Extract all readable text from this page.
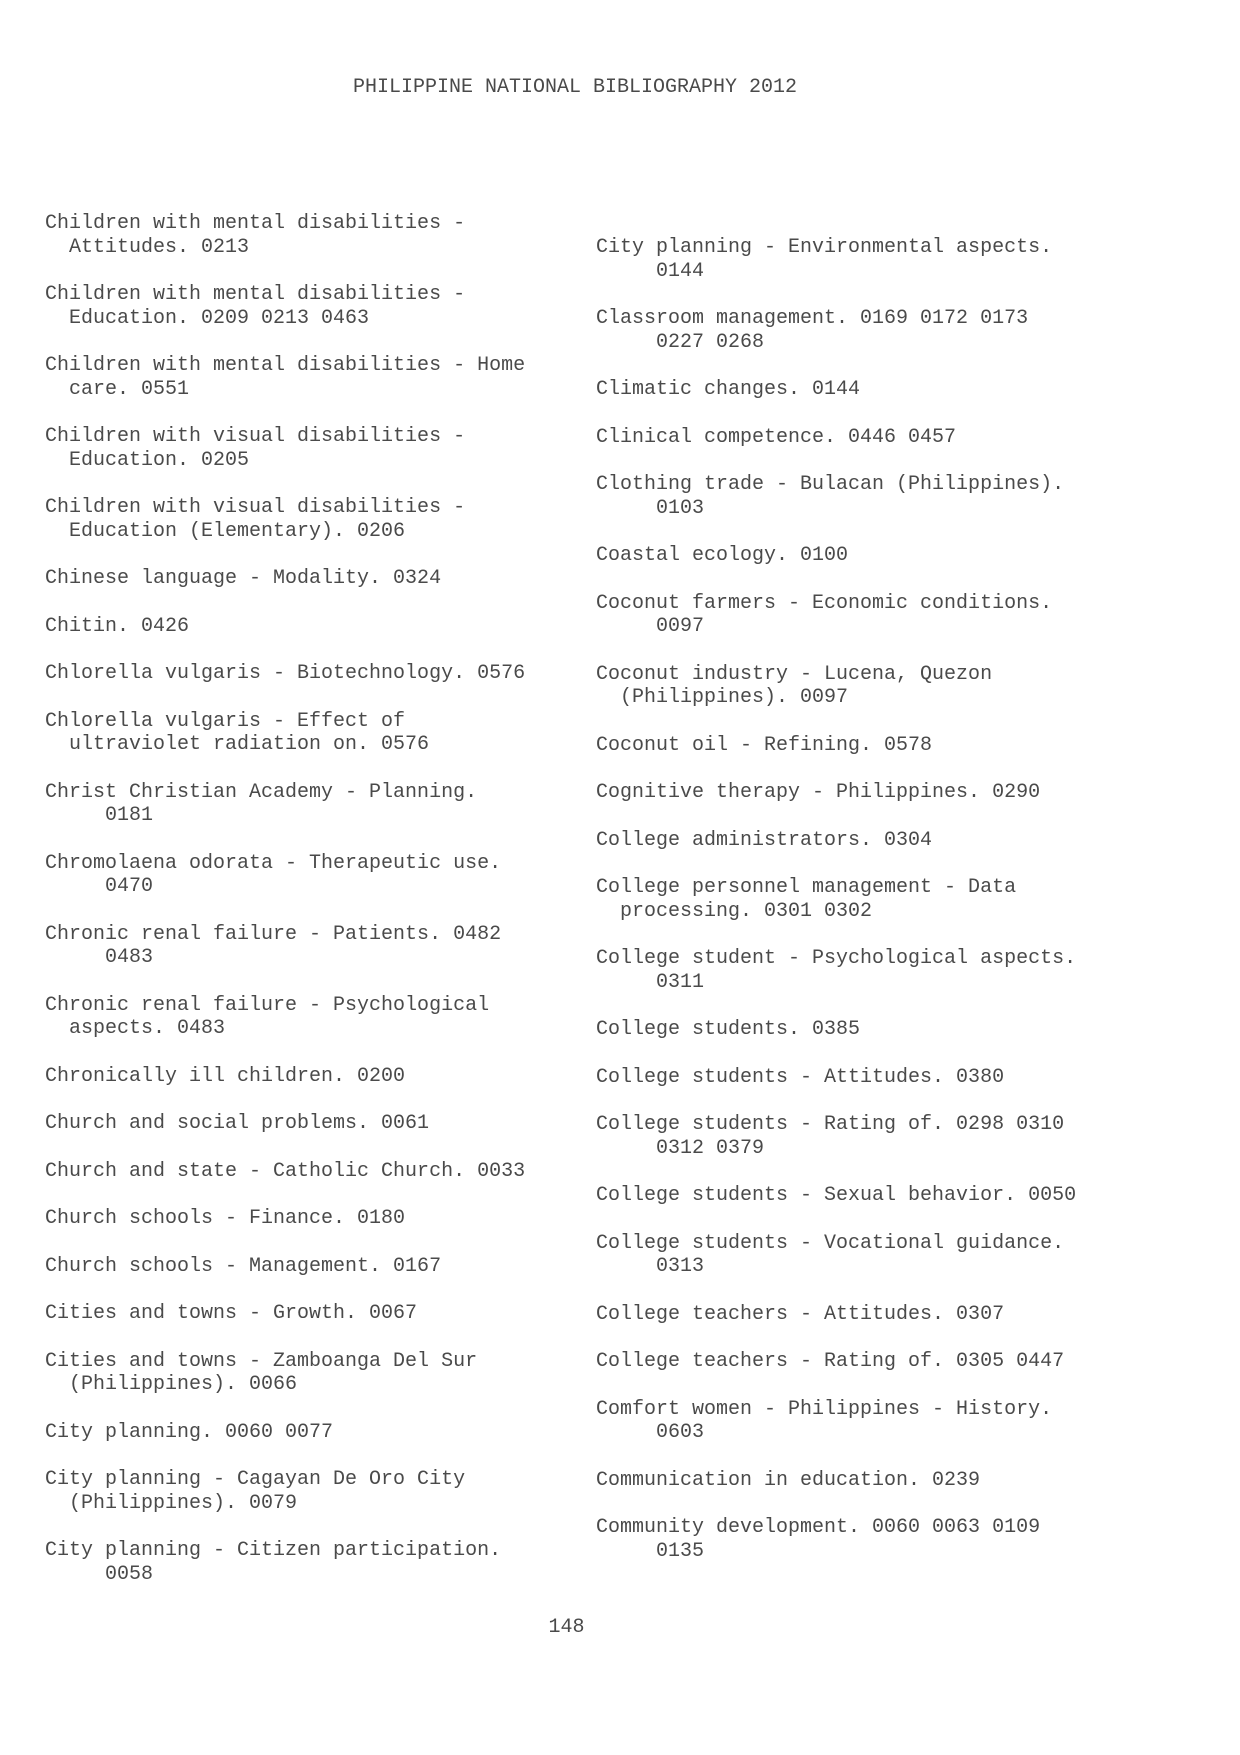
PHILIPPINE NATIONAL BIBLIOGRAPHY 2012
Children with mental disabilities -
Attitudes. 0213
Children with mental disabilities -
Education. 0209 0213 0463
Children with mental disabilities - Home
care. 0551
Children with visual disabilities -
Education. 0205
Children with visual disabilities -
Education (Elementary). 0206
Chinese language - Modality. 0324
Chitin. 0426
Chlorella vulgaris - Biotechnology. 0576
Chlorella vulgaris - Effect of
ultraviolet radiation on. 0576
Christ Christian Academy - Planning.
0181
Chromolaena odorata - Therapeutic use.
0470
Chronic renal failure - Patients. 0482
0483
Chronic renal failure - Psychological
aspects. 0483
Chronically ill children. 0200
Church and social problems. 0061
Church and state - Catholic Church. 0033
Church schools - Finance. 0180
Church schools - Management. 0167
Cities and towns - Growth. 0067
Cities and towns - Zamboanga Del Sur
(Philippines). 0066
City planning. 0060 0077
City planning - Cagayan De Oro City
(Philippines). 0079
City planning - Citizen participation.
0058
City planning - Environmental aspects.
0144
Classroom management. 0169 0172 0173
0227 0268
Climatic changes. 0144
Clinical competence. 0446 0457
Clothing trade - Bulacan (Philippines).
0103
Coastal ecology. 0100
Coconut farmers - Economic conditions.
0097
Coconut industry - Lucena, Quezon
(Philippines). 0097
Coconut oil - Refining. 0578
Cognitive therapy - Philippines. 0290
College administrators. 0304
College personnel management - Data
processing. 0301 0302
College student - Psychological aspects.
0311
College students. 0385
College students - Attitudes. 0380
College students - Rating of. 0298 0310
0312 0379
College students - Sexual behavior. 0050
College students - Vocational guidance.
0313
College teachers - Attitudes. 0307
College teachers - Rating of. 0305 0447
Comfort women - Philippines - History.
0603
Communication in education. 0239
Community development. 0060 0063 0109
0135
148
